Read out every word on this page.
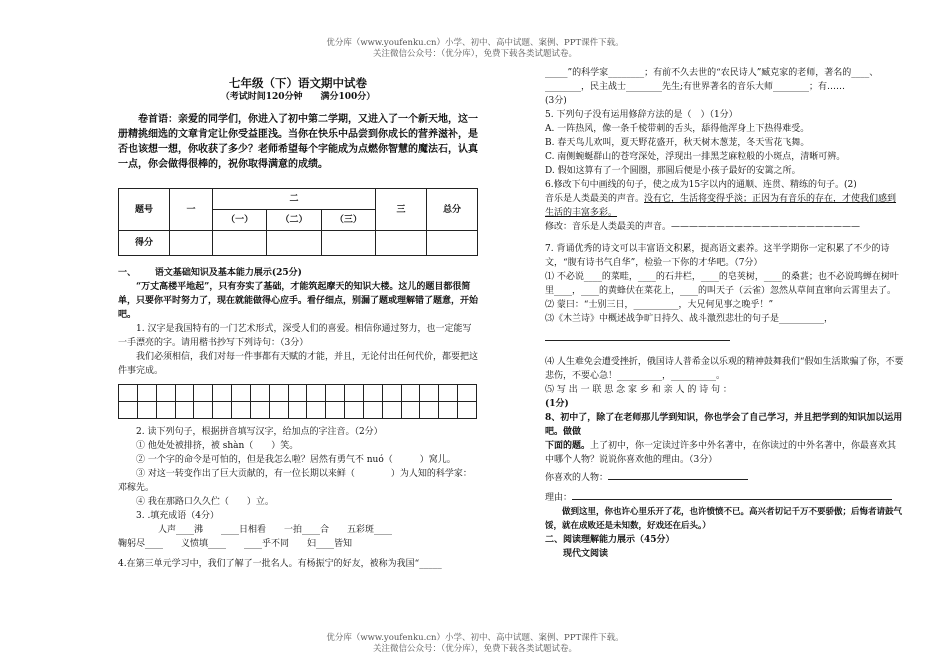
优分库（www.youfenku.cn）小学、初中、高中试题、案例、PPT课件下载。
关注微信公众号：（优分库），免费下载各类试题试卷。
七年级（下）语文期中试卷
（考试时间120分钟　　满分100分）

卷首语：亲爱的同学们，你进入了初中第二学期，又进入了一个新天地，这一册精挑细选的文章肯定让你受益匪浅。当你在快乐中品尝到你成长的营养滋补，是否也该想一想，你收获了多少？老师希望每个字能成为点燃你智慧的魔法石，认真一点，你会做得很棒的，祝你取得满意的成绩。

题号	一	二			三	总分
		（一）	（二）	（三）		
得分						

一、 语文基础知识及基本能力展示(25分)

“万丈高楼平地起”，只有夯实了基础，才能筑起摩天的知识大楼。这儿的题目都很简单，只要你平时努力了，现在就能做得心应手。看仔细点，别漏了题或理解错了题意，开始吧。

1. 汉字是我国特有的一门艺术形式，深受人们的喜爱。相信你通过努力，也一定能写一手漂亮的字。请用楷书抄写下列诗句：（3分）

我们必须相信，我们对每一件事都有天赋的才能，并且，无论付出任何代价，都要把这件事完成。

2. 读下列句子，根据拼音填写汉字，给加点的字注音。（2分）

① 他处处被排挤，被 shàn（　　）笑。

② 一个字的命令是可怕的，但是我怎么啦？居然有勇气不 nuó（　　　）窝儿。

③ 对这一转变作出了巨大贡献的，有一位长期以来鲜（　　　　）为人知的科学家：邓稼先。

④ 我在那路口久久伫（　　）立。

3. .填充成语（4分）

人声____沸　　____日相看　　一拍____合　　五彩斑____

鞠躬尽____　　义愤填____　　____乎不同　　妇____皆知

4.在第三单元学习中，我们了解了一批名人。有杨振宁的好友，被称为我国“_____

_____”的科学家________；有前不久去世的“农民诗人”臧克家的老师，著名的____、________，民主战士________先生;有世界著名的音乐大师________；有……

(3分)

5. 下列句子没有运用修辞方法的是（　）（1分）

A. 一阵热风，像一条千棱带刺的舌头，舔得他浑身上下热得难受。

B. 春天鸟儿欢叫，夏天野花盛开，秋天树木葱茏，冬天雪花飞舞。

C. 南侧蜿蜒群山的苍穹深处，浮现出一排黑芝麻粒般的小斑点，清晰可辨。

D. 假如这算有了一个圆圈，那圆后便是小孩子最好的安篱之所。

6.修改下句中画线的句子，使之成为15字以内的通顺、连贯、精练的句子。(2)

音乐是人类最美的声音。没有它，生活将变得乎淡；正因为有音乐的存在，才使我们感到生活的丰富多彩。

修改：音乐是人类最美的声音。—————————————————————

7. 背诵优秀的诗文可以丰富语文积累，提高语文素养。这半学期你一定积累了不少的诗文，“腹有诗书气自华”，检验一下你的才华吧。（7分）

⑴ 不必说____的菜畦，____的石井栏，____的皂荚树，____的桑葚；也不必说鸣蝉在树叶里____，____的黄蜂伏在菜花上，____的叫天子（云雀）忽然从草间直窜向云霄里去了。

⑵ 蒙曰：“士别三日，__________，大兄何见事之晚乎！”

⑶《木兰诗》中概述战争旷日持久、战斗激烈悲壮的句子是__________，

⑷ 人生难免会遭受挫折，俄国诗人普希金以乐观的精神鼓舞我们“假如生活欺骗了你，不要悲伤，不要心急！__________，__________。

⑸ 写 出 一 联 思 念 家 乡 和 亲 人 的 诗 句 ：

(1分)

8、初中了，除了在老师那儿学到知识，你也学会了自己学习，并且把学到的知识加以运用吧。做做

下面的题。上了初中，你一定读过许多中外名著中，在你读过的中外名著中，你最喜欢其中哪个人物？说说你喜欢他的理由。（3分）

你喜欢的人物：

理由：

做到这里，你也许心里乐开了花，也许愤愤不已。高兴者切记千万不要骄傲；后悔者请鼓气馁，就在成败还是未知数，好戏还在后头。）

二、阅读理解能力展示（45分）

现代文阅读

优分库（www.youfenku.cn）小学、初中、高中试题、案例、PPT课件下载。
关注微信公众号：（优分库），免费下载各类试题试卷。
